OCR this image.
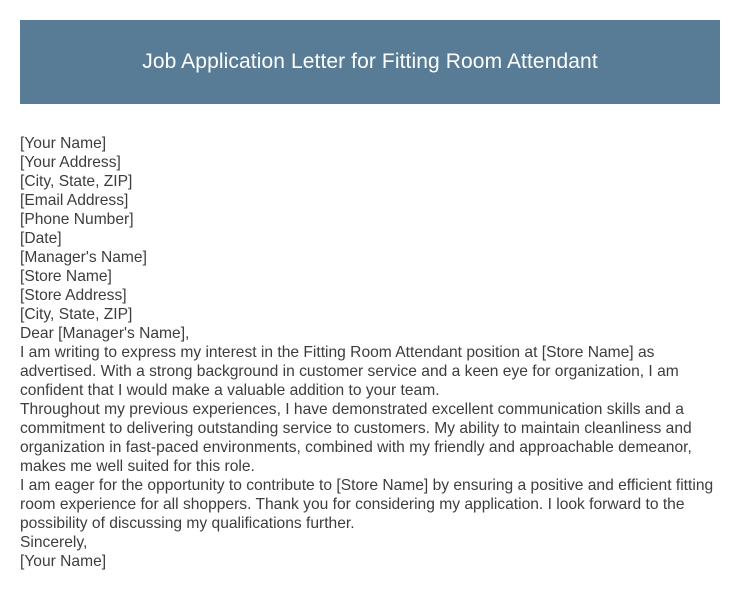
Job Application Letter for Fitting Room Attendant
[Your Name]
[Your Address]
[City, State, ZIP]
[Email Address]
[Phone Number]
[Date]
[Manager's Name]
[Store Name]
[Store Address]
[City, State, ZIP]
Dear [Manager's Name],

I am writing to express my interest in the Fitting Room Attendant position at [Store Name] as advertised. With a strong background in customer service and a keen eye for organization, I am confident that I would make a valuable addition to your team.

Throughout my previous experiences, I have demonstrated excellent communication skills and a commitment to delivering outstanding service to customers. My ability to maintain cleanliness and organization in fast-paced environments, combined with my friendly and approachable demeanor, makes me well suited for this role.

I am eager for the opportunity to contribute to [Store Name] by ensuring a positive and efficient fitting room experience for all shoppers. Thank you for considering my application. I look forward to the possibility of discussing my qualifications further.

Sincerely,
[Your Name]
